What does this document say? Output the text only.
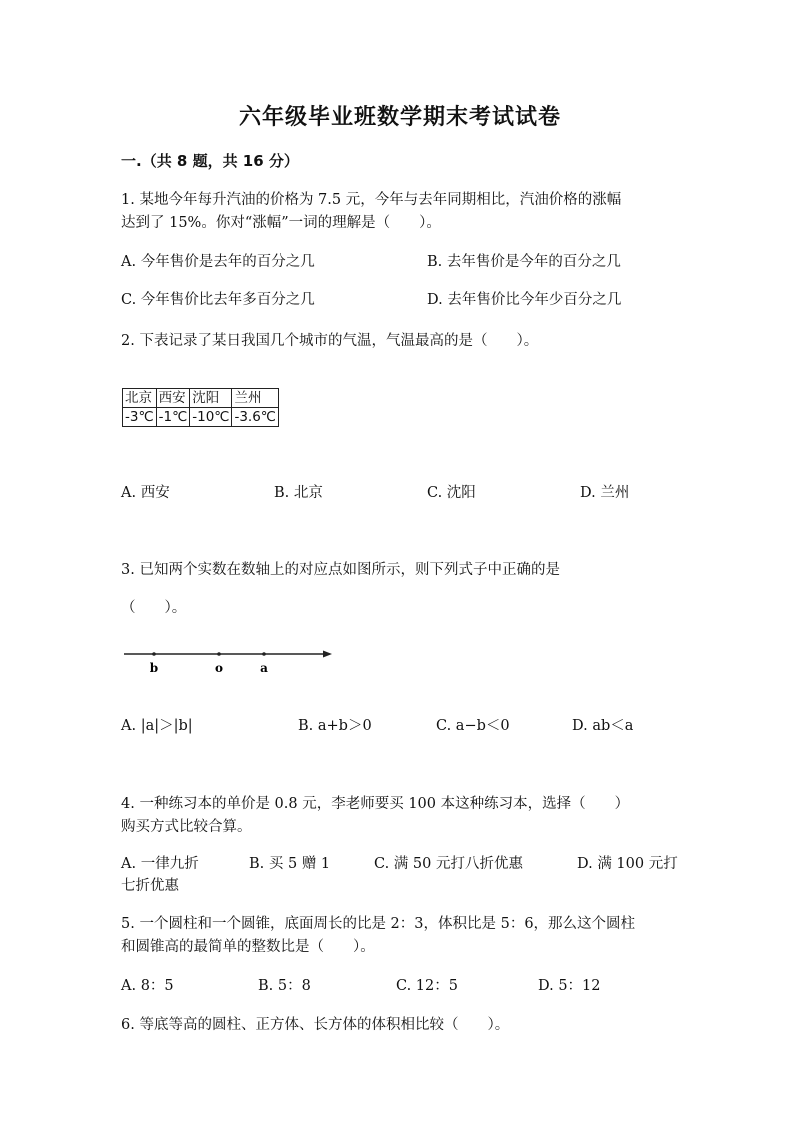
六年级毕业班数学期末考试试卷
一.（共 8 题，共 16 分）
1. 某地今年每升汽油的价格为 7.5 元，今年与去年同期相比，汽油价格的涨幅
达到了 15%。你对“涨幅”一词的理解是（　　）。
A. 今年售价是去年的百分之几	B. 去年售价是今年的百分之几
C. 今年售价比去年多百分之几	D. 去年售价比今年少百分之几
2. 下表记录了某日我国几个城市的气温，气温最高的是（　　）。
北京	西安	沈阳	兰州
-3℃	-1℃	-10℃	-3.6℃
A. 西安	B. 北京	C. 沈阳	D. 兰州
3. 已知两个实数在数轴上的对应点如图所示，则下列式子中正确的是
（　　）。
b	o	a
A. |a|＞|b|	B. a+b＞0	C. a−b＜0	D. ab＜a
4. 一种练习本的单价是 0.8 元，李老师要买 100 本这种练习本，选择（　　）
购买方式比较合算。
A. 一律九折	B. 买 5 赠 1	C. 满 50 元打八折优惠	D. 满 100 元打
七折优惠
5. 一个圆柱和一个圆锥，底面周长的比是 2：3，体积比是 5：6，那么这个圆柱
和圆锥高的最简单的整数比是（　　）。
A. 8：5	B. 5：8	C. 12：5	D. 5：12
6. 等底等高的圆柱、正方体、长方体的体积相比较（　　）。
